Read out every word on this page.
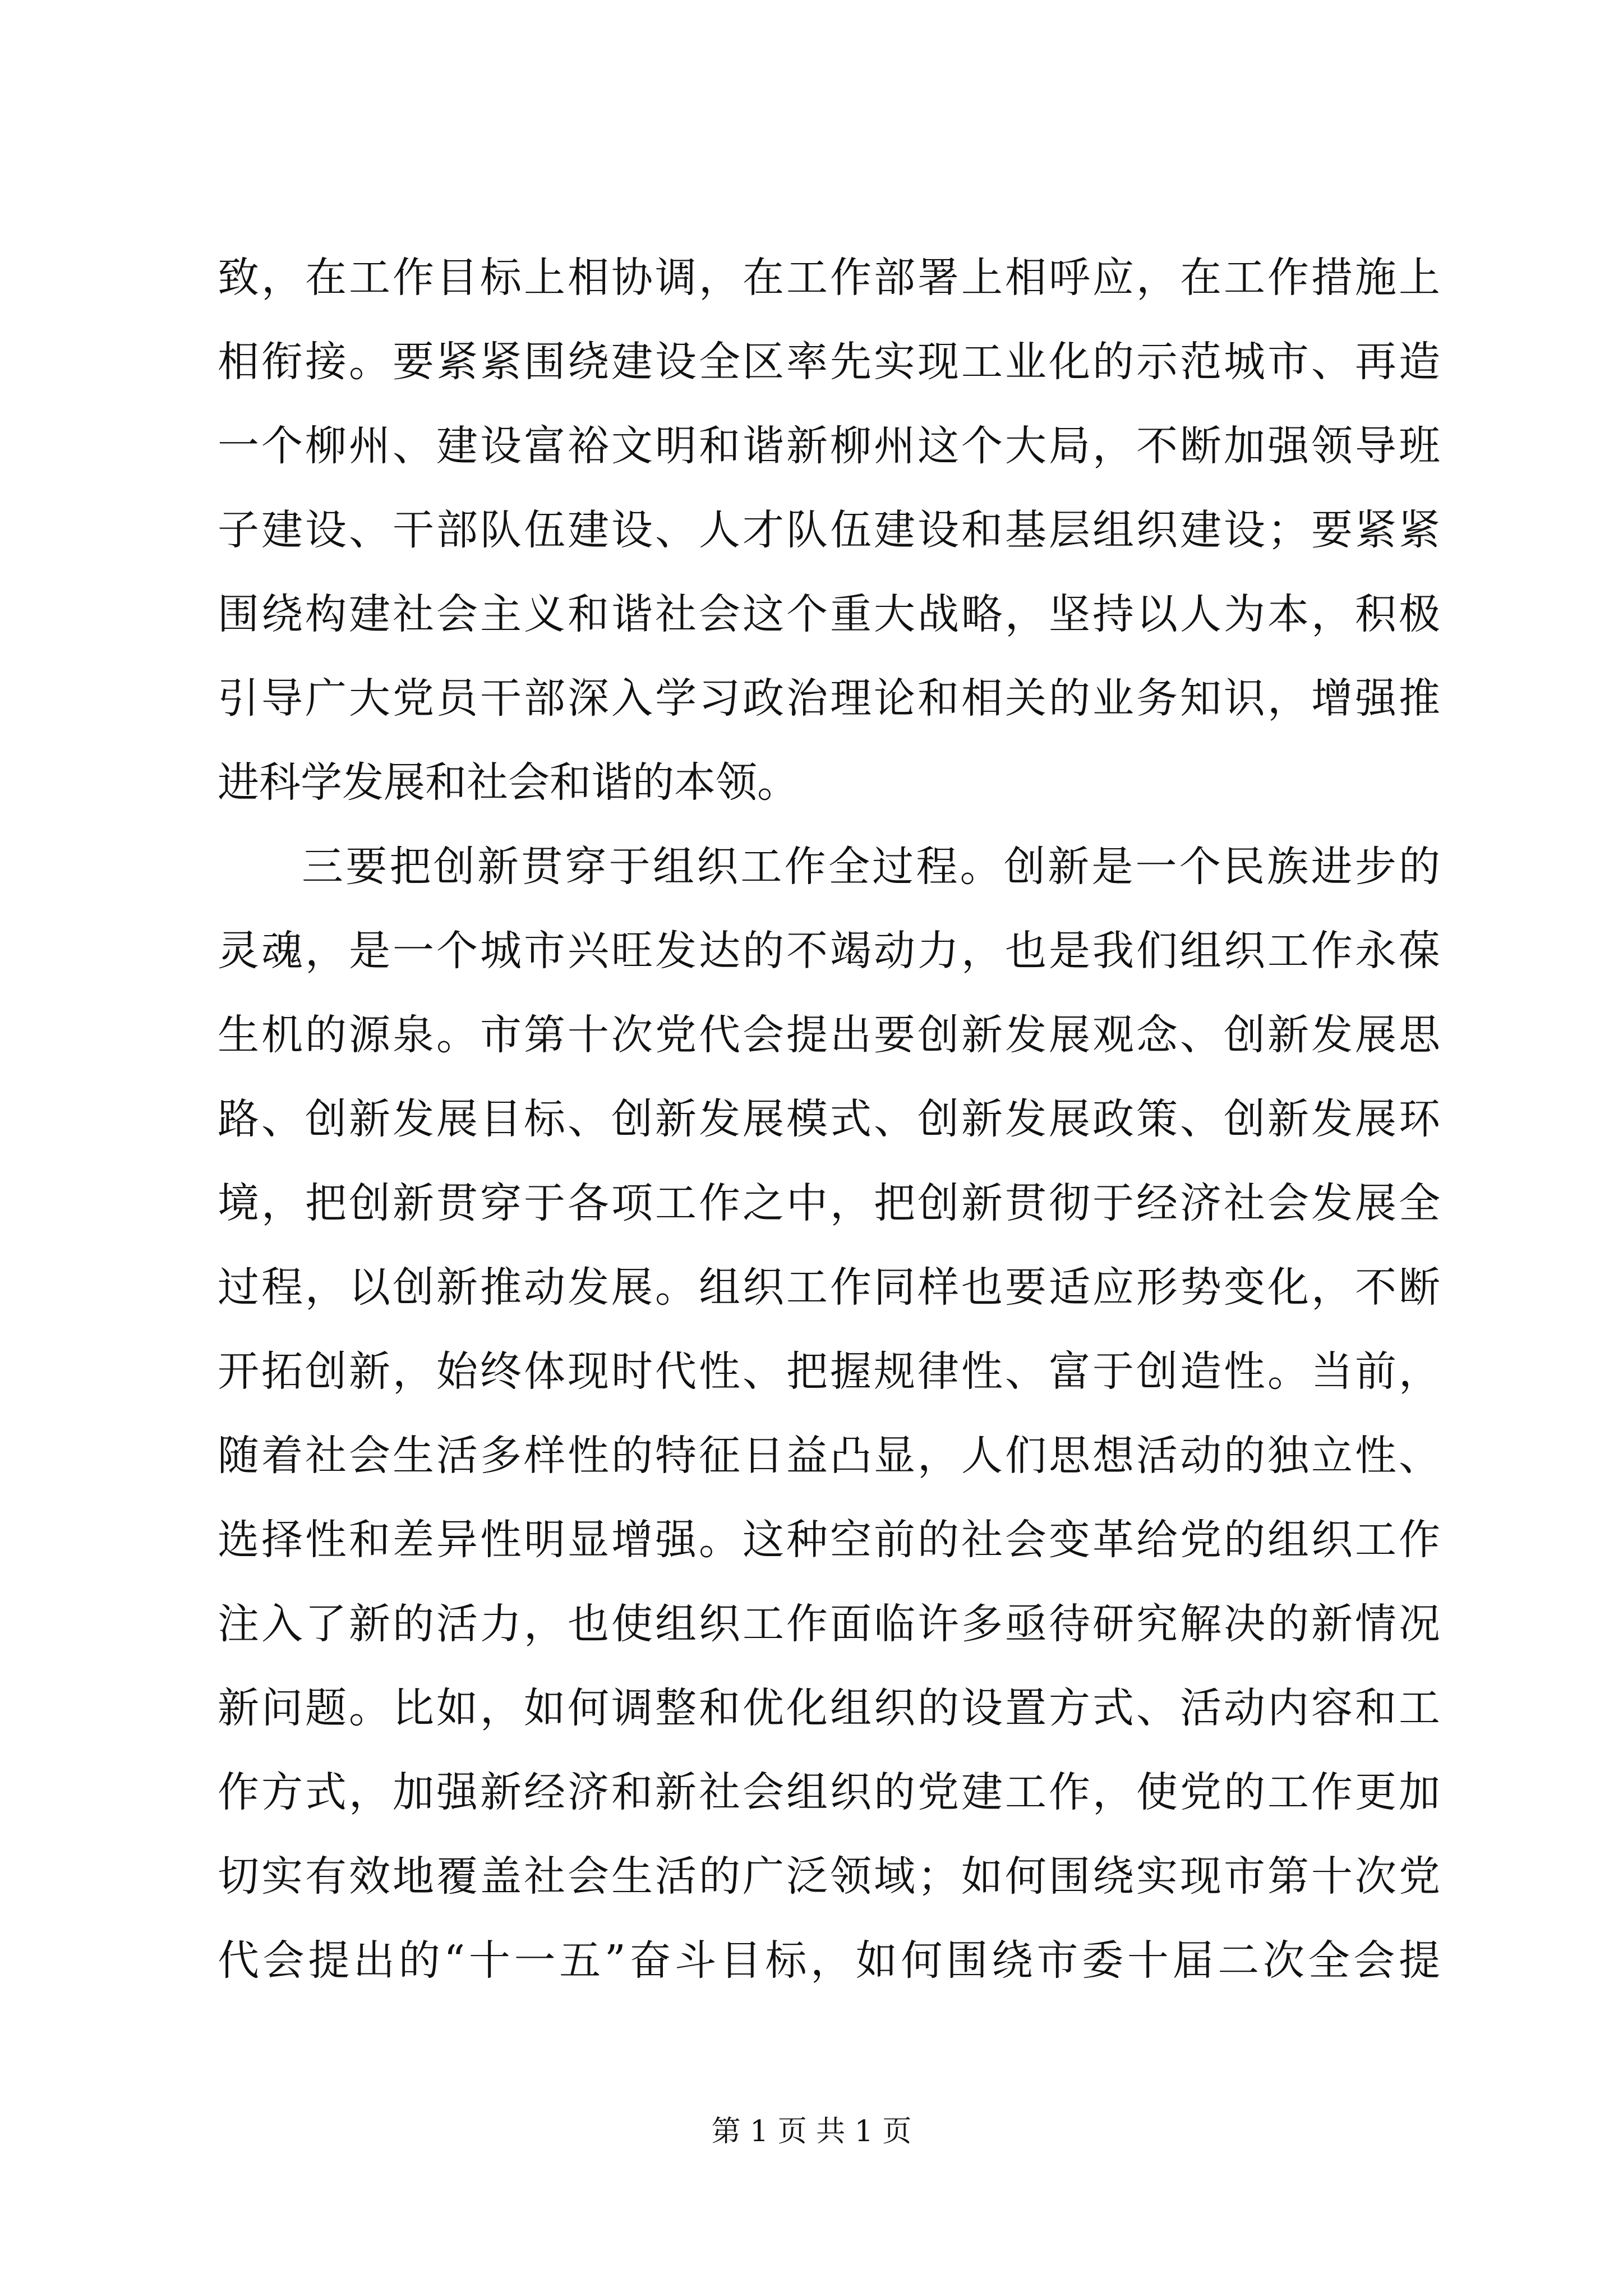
致，在工作目标上相协调，在工作部署上相呼应，在工作措施上
相衔接。要紧紧围绕建设全区率先实现工业化的示范城市、再造
一个柳州、建设富裕文明和谐新柳州这个大局，不断加强领导班
子建设、干部队伍建设、人才队伍建设和基层组织建设；要紧紧
围绕构建社会主义和谐社会这个重大战略，坚持以人为本，积极
引导广大党员干部深入学习政治理论和相关的业务知识，增强推
进科学发展和社会和谐的本领。
三要把创新贯穿于组织工作全过程。创新是一个民族进步的
灵魂，是一个城市兴旺发达的不竭动力，也是我们组织工作永葆
生机的源泉。市第十次党代会提出要创新发展观念、创新发展思
路、创新发展目标、创新发展模式、创新发展政策、创新发展环
境，把创新贯穿于各项工作之中，把创新贯彻于经济社会发展全
过程，以创新推动发展。组织工作同样也要适应形势变化，不断
开拓创新，始终体现时代性、把握规律性、富于创造性。当前，
随着社会生活多样性的特征日益凸显，人们思想活动的独立性、
选择性和差异性明显增强。这种空前的社会变革给党的组织工作
注入了新的活力，也使组织工作面临许多亟待研究解决的新情况
新问题。比如，如何调整和优化组织的设置方式、活动内容和工
作方式，加强新经济和新社会组织的党建工作，使党的工作更加
切实有效地覆盖社会生活的广泛领域；如何围绕实现市第十次党
代会提出的“十一五”奋斗目标，如何围绕市委十届二次全会提
第 1 页 共 1 页
